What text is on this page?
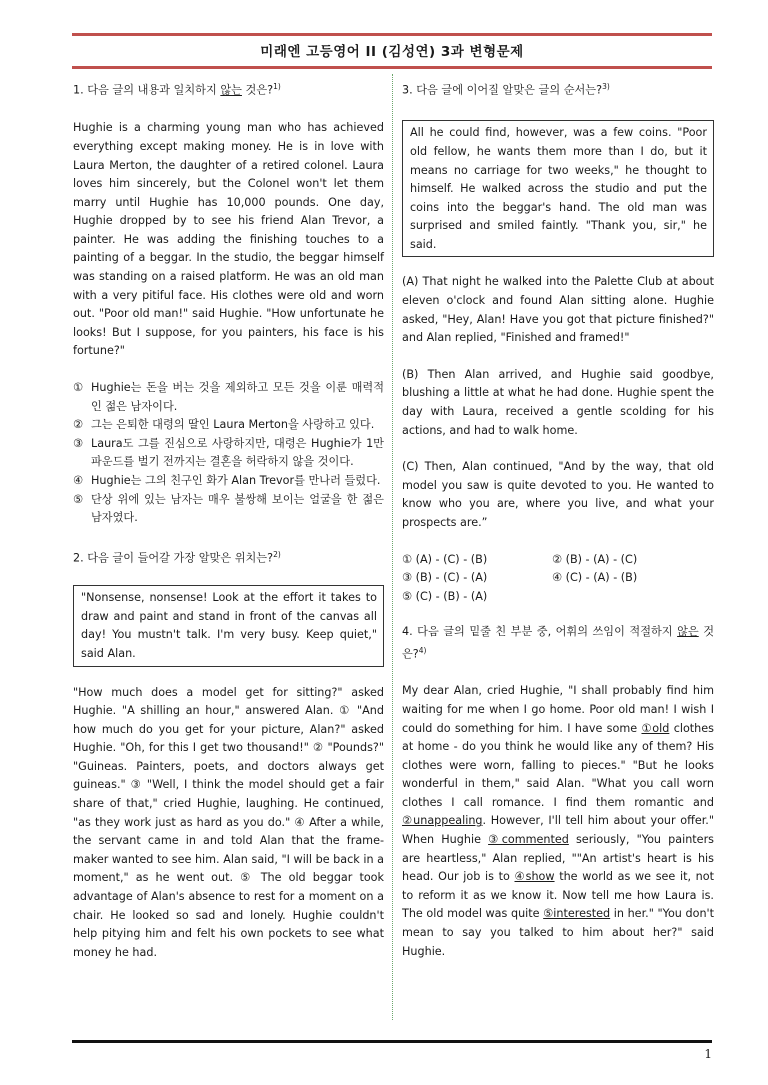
미래엔 고등영어 II (김성연) 3과 변형문제

1. 다음 글의 내용과 일치하지 않는 것은?$^{1)}$

Hughie is a charming young man who has achieved everything except making money. He is in love with Laura Merton, the daughter of a retired colonel. Laura loves him sincerely, but the Colonel won't let them marry until Hughie has 10,000 pounds. One day, Hughie dropped by to see his friend Alan Trevor, a painter. He was adding the finishing touches to a painting of a beggar. In the studio, the beggar himself was standing on a raised platform. He was an old man with a very pitiful face. His clothes were old and worn out. "Poor old man!" said Hughie. "How unfortunate he looks! But I suppose, for you painters, his face is his fortune?"

① Hughie는 돈을 버는 것을 제외하고 모든 것을 이룬 매력적인 젊은 남자이다.
② 그는 은퇴한 대령의 딸인 Laura Merton을 사랑하고 있다.
③ Laura도 그를 진심으로 사랑하지만, 대령은 Hughie가 1만 파운드를 벌기 전까지는 결혼을 허락하지 않을 것이다.
④ Hughie는 그의 친구인 화가 Alan Trevor를 만나러 들렀다.
⑤ 단상 위에 있는 남자는 매우 불쌍해 보이는 얼굴을 한 젊은 남자였다.

2. 다음 글이 들어갈 가장 알맞은 위치는?$^{2)}$

"Nonsense, nonsense! Look at the effort it takes to draw and paint and stand in front of the canvas all day! You mustn't talk. I'm very busy. Keep quiet," said Alan.

"How much does a model get for sitting?" asked Hughie. "A shilling an hour," answered Alan. ① "And how much do you get for your picture, Alan?" asked Hughie. "Oh, for this I get two thousand!" ② "Pounds?" "Guineas. Painters, poets, and doctors always get guineas." ③ "Well, I think the model should get a fair share of that," cried Hughie, laughing. He continued, "as they work just as hard as you do." ④ After a while, the servant came in and told Alan that the frame-maker wanted to see him. Alan said, "I will be back in a moment," as he went out. ⑤ The old beggar took advantage of Alan's absence to rest for a moment on a chair. He looked so sad and lonely. Hughie couldn't help pitying him and felt his own pockets to see what money he had.

3. 다음 글에 이어질 알맞은 글의 순서는?$^{3)}$

All he could find, however, was a few coins. "Poor old fellow, he wants them more than I do, but it means no carriage for two weeks," he thought to himself. He walked across the studio and put the coins into the beggar's hand. The old man was surprised and smiled faintly. "Thank you, sir," he said.

(A) That night he walked into the Palette Club at about eleven o'clock and found Alan sitting alone. Hughie asked, "Hey, Alan! Have you got that picture finished?" and Alan replied, "Finished and framed!"

(B) Then Alan arrived, and Hughie said goodbye, blushing a little at what he had done. Hughie spent the day with Laura, received a gentle scolding for his actions, and had to walk home.

(C) Then, Alan continued, "And by the way, that old model you saw is quite devoted to you. He wanted to know who you are, where you live, and what your prospects are.”

① (A) - (C) - (B)	② (B) - (A) - (C)
③ (B) - (C) - (A)	④ (C) - (A) - (B)
⑤ (C) - (B) - (A)

4. 다음 글의 밑줄 친 부분 중, 어휘의 쓰임이 적절하지 않은 것은?$^{4)}$

My dear Alan, cried Hughie, "I shall probably find him waiting for me when I go home. Poor old man! I wish I could do something for him. I have some ①old clothes at home - do you think he would like any of them? His clothes were worn, falling to pieces." "But he looks wonderful in them," said Alan. "What you call worn clothes I call romance. I find them romantic and ②unappealing. However, I'll tell him about your offer." When Hughie ③commented seriously, "You painters are heartless," Alan replied, ""An artist's heart is his head. Our job is to ④show the world as we see it, not to reform it as we know it. Now tell me how Laura is. The old model was quite ⑤interested in her." "You don't mean to say you talked to him about her?" said Hughie.

1
